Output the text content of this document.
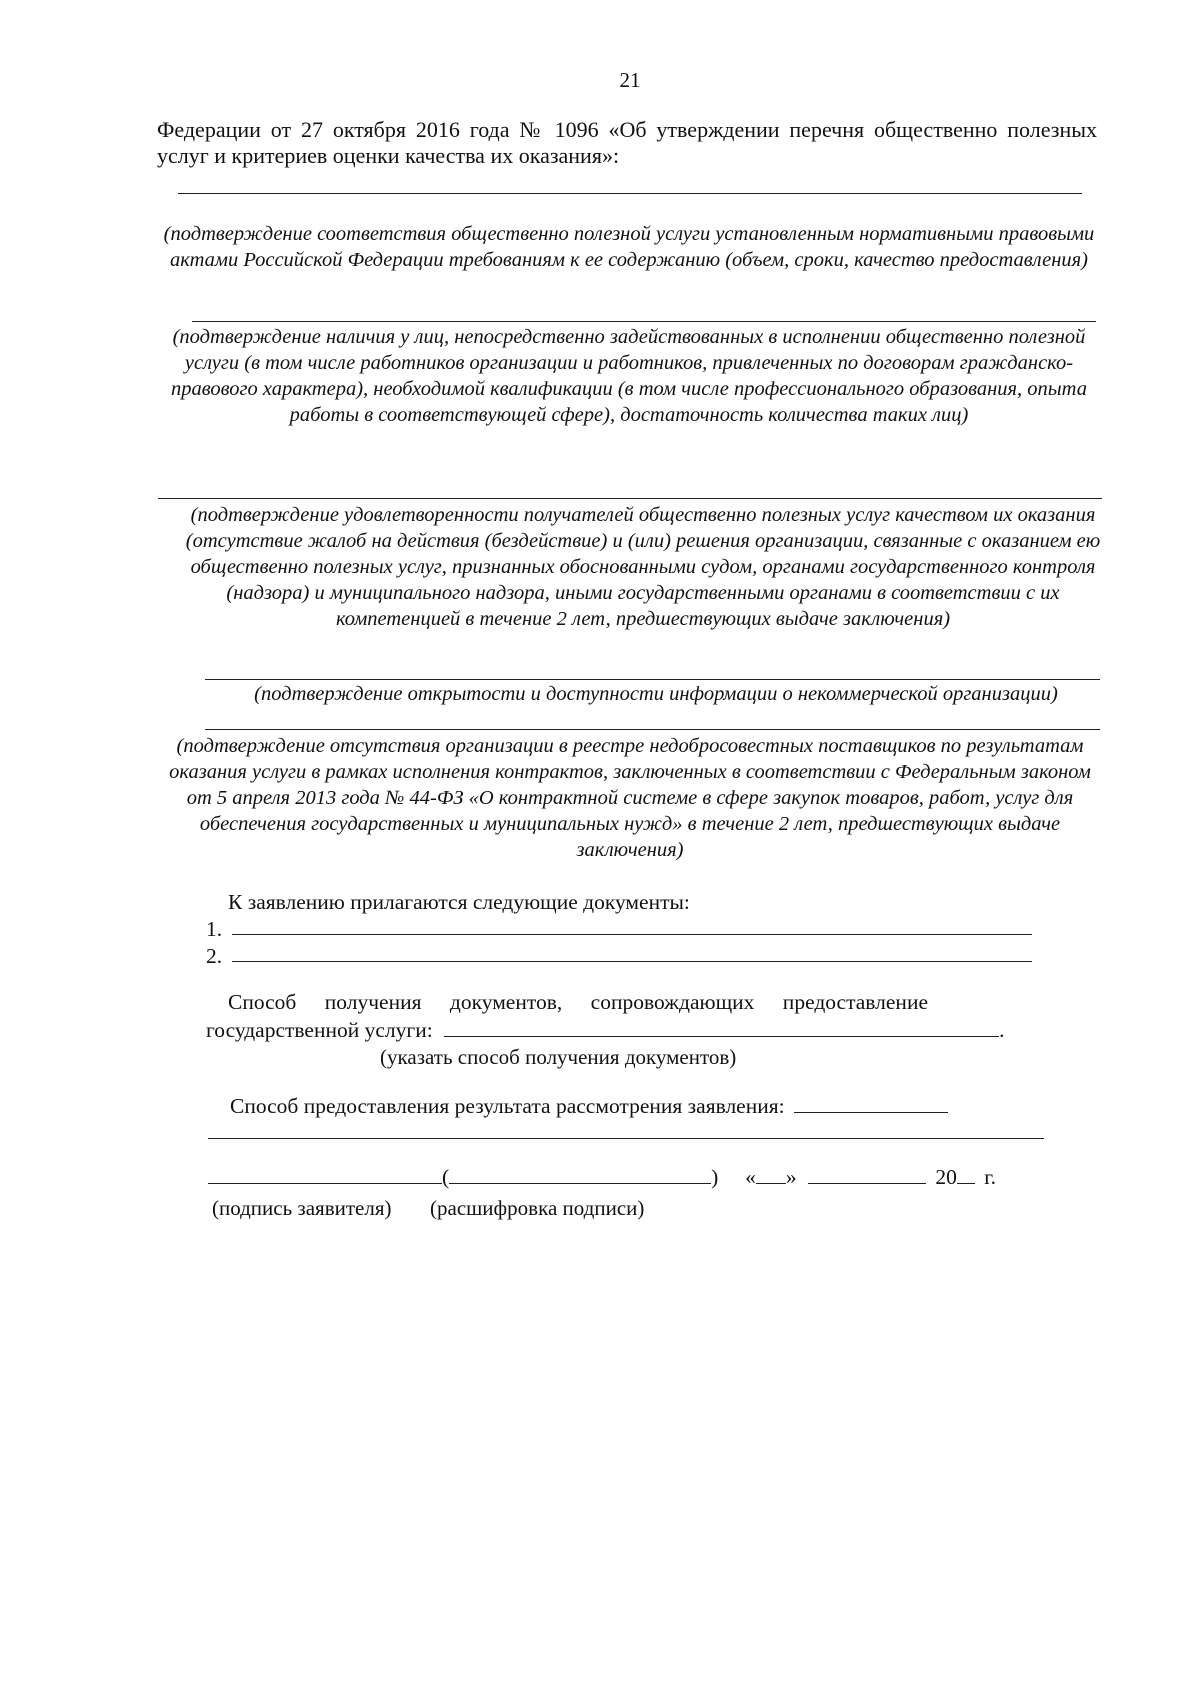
21
Федерации от 27 октября 2016 года № 1096 «Об утверждении перечня общественно полезных услуг и критериев оценки качества их оказания»:
(подтверждение соответствия общественно полезной услуги установленным нормативными правовыми актами Российской Федерации требованиям к ее содержанию (объем, сроки, качество предоставления)
(подтверждение наличия у лиц, непосредственно задействованных в исполнении общественно полезной услуги (в том числе работников организации и работников, привлеченных по договорам гражданско-правового характера), необходимой квалификации (в том числе профессионального образования, опыта работы в соответствующей сфере), достаточность количества таких лиц)
(подтверждение удовлетворенности получателей общественно полезных услуг качеством их оказания (отсутствие жалоб на действия (бездействие) и (или) решения организации, связанные с оказанием ею общественно полезных услуг, признанных обоснованными судом, органами государственного контроля (надзора) и муниципального надзора, иными государственными органами в соответствии с их компетенцией в течение 2 лет, предшествующих выдаче заключения)
(подтверждение открытости и доступности информации о некоммерческой организации)
(подтверждение отсутствия организации в реестре недобросовестных поставщиков по результатам оказания услуги в рамках исполнения контрактов, заключенных в соответствии с Федеральным законом от 5 апреля 2013 года № 44-ФЗ «О контрактной системе в сфере закупок товаров, работ, услуг для обеспечения государственных и муниципальных нужд» в течение 2 лет, предшествующих выдаче заключения)
К заявлению прилагаются следующие документы:
1.
2.
Способ получения документов, сопровождающих предоставление
государственной услуги:	.
(указать способ получения документов)
Способ предоставления результата рассмотрения заявления:
(	) « »	20 г.
(подпись заявителя) (расшифровка подписи)
